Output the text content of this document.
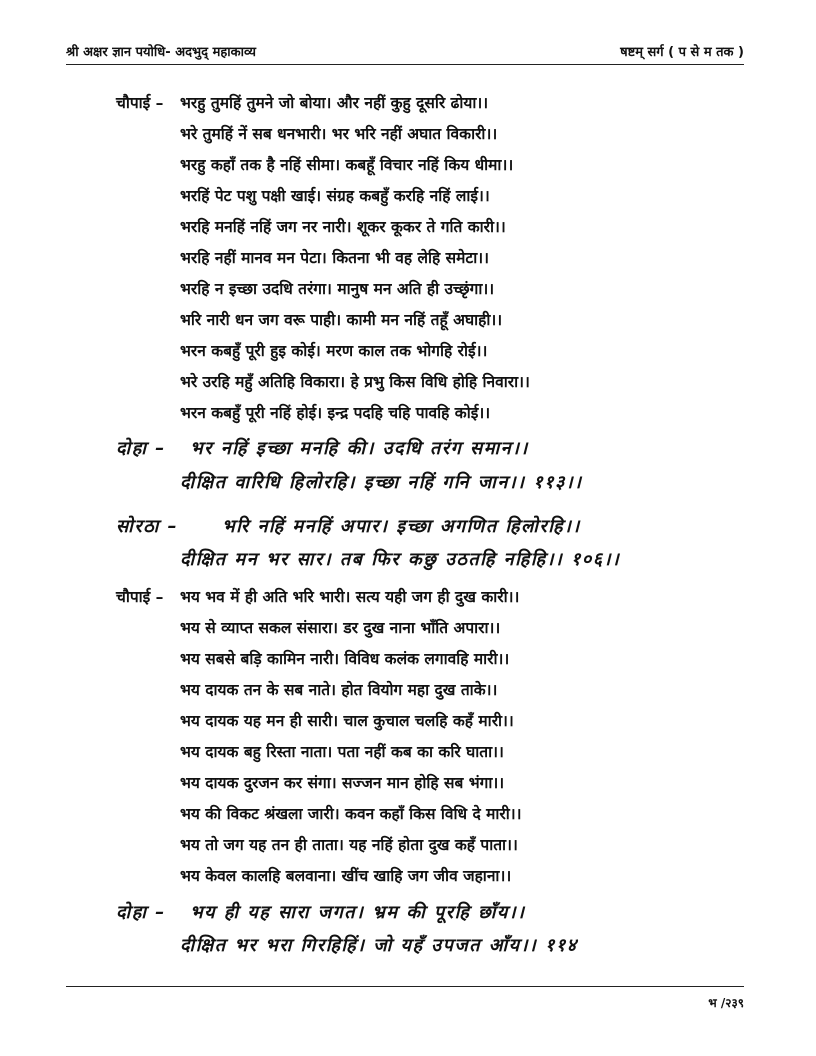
श्री अक्षर ज्ञान पयोधि- अदभुद् महाकाव्य	षष्टम् सर्ग ( प से म तक )
चौपाई – भरहु तुमहिं तुमने जो बोया। और नहीं कुहु दूसरि ढोया।।
भरे तुमहिं नें सब धनभारी। भर भरि नहीं अघात विकारी।।
भरहु कहाँ तक है नहिं सीमा। कबहूँ विचार नहिं किय धीमा।।
भरहिं पेट पशु पक्षी खाई। संग्रह कबहुँ करहि नहिं लाई।।
भरहि मनहिं नहिं जग नर नारी। शूकर कूकर ते गति कारी।।
भरहि नहीं मानव मन पेटा। कितना भी वह लेहि समेटा।।
भरहि न इच्छा उदधि तरंगा। मानुष मन अति ही उच्छृंगा।।
भरि नारी धन जग वरू पाही। कामी मन नहिं तहूँ अघाही।।
भरन कबहुँ पूरी हुइ कोई। मरण काल तक भोगहि रोई।।
भरे उरहि महुँ अतिहि विकारा। हे प्रभु किस विधि होहि निवारा।।
भरन कबहुँ पूरी नहिं होई। इन्द्र पदहि चहि पावहि कोई।।
दोहा – भर नहिं इच्छा मनहि की। उदधि तरंग समान।।
दीक्षित वारिधि हिलोरहि। इच्छा नहिं गनि जान।। ११३।।
सोरठा – भरि नहिं मनहिं अपार। इच्छा अगणित हिलोरहि।।
दीक्षित मन भर सार। तब फिर कछु उठतहि नहिहि।। १०६।।
चौपाई – भय भव में ही अति भरि भारी। सत्य यही जग ही दुख कारी।।
भय से व्याप्त सकल संसारा। डर दुख नाना भाँति अपारा।।
भय सबसे बड़ि कामिन नारी। विविध कलंक लगावहि मारी।।
भय दायक तन के सब नाते। होत वियोग महा दुख ताके।।
भय दायक यह मन ही सारी। चाल कुचाल चलहि कहँ मारी।।
भय दायक बहु रिस्ता नाता। पता नहीं कब का करि घाता।।
भय दायक दुरजन कर संगा। सज्जन मान होहि सब भंगा।।
भय की विकट श्रंखला जारी। कवन कहाँ किस विधि दे मारी।।
भय तो जग यह तन ही ताता। यह नहिं होता दुख कहँ पाता।।
भय केवल कालहि बलवाना। खींच खाहि जग जीव जहाना।।
दोहा – भय ही यह सारा जगत। भ्रम की पूरहि छाँय।।
दीक्षित भर भरा गिरहिहिं। जो यहँ उपजत आँय।। ११४
भ /२३९
